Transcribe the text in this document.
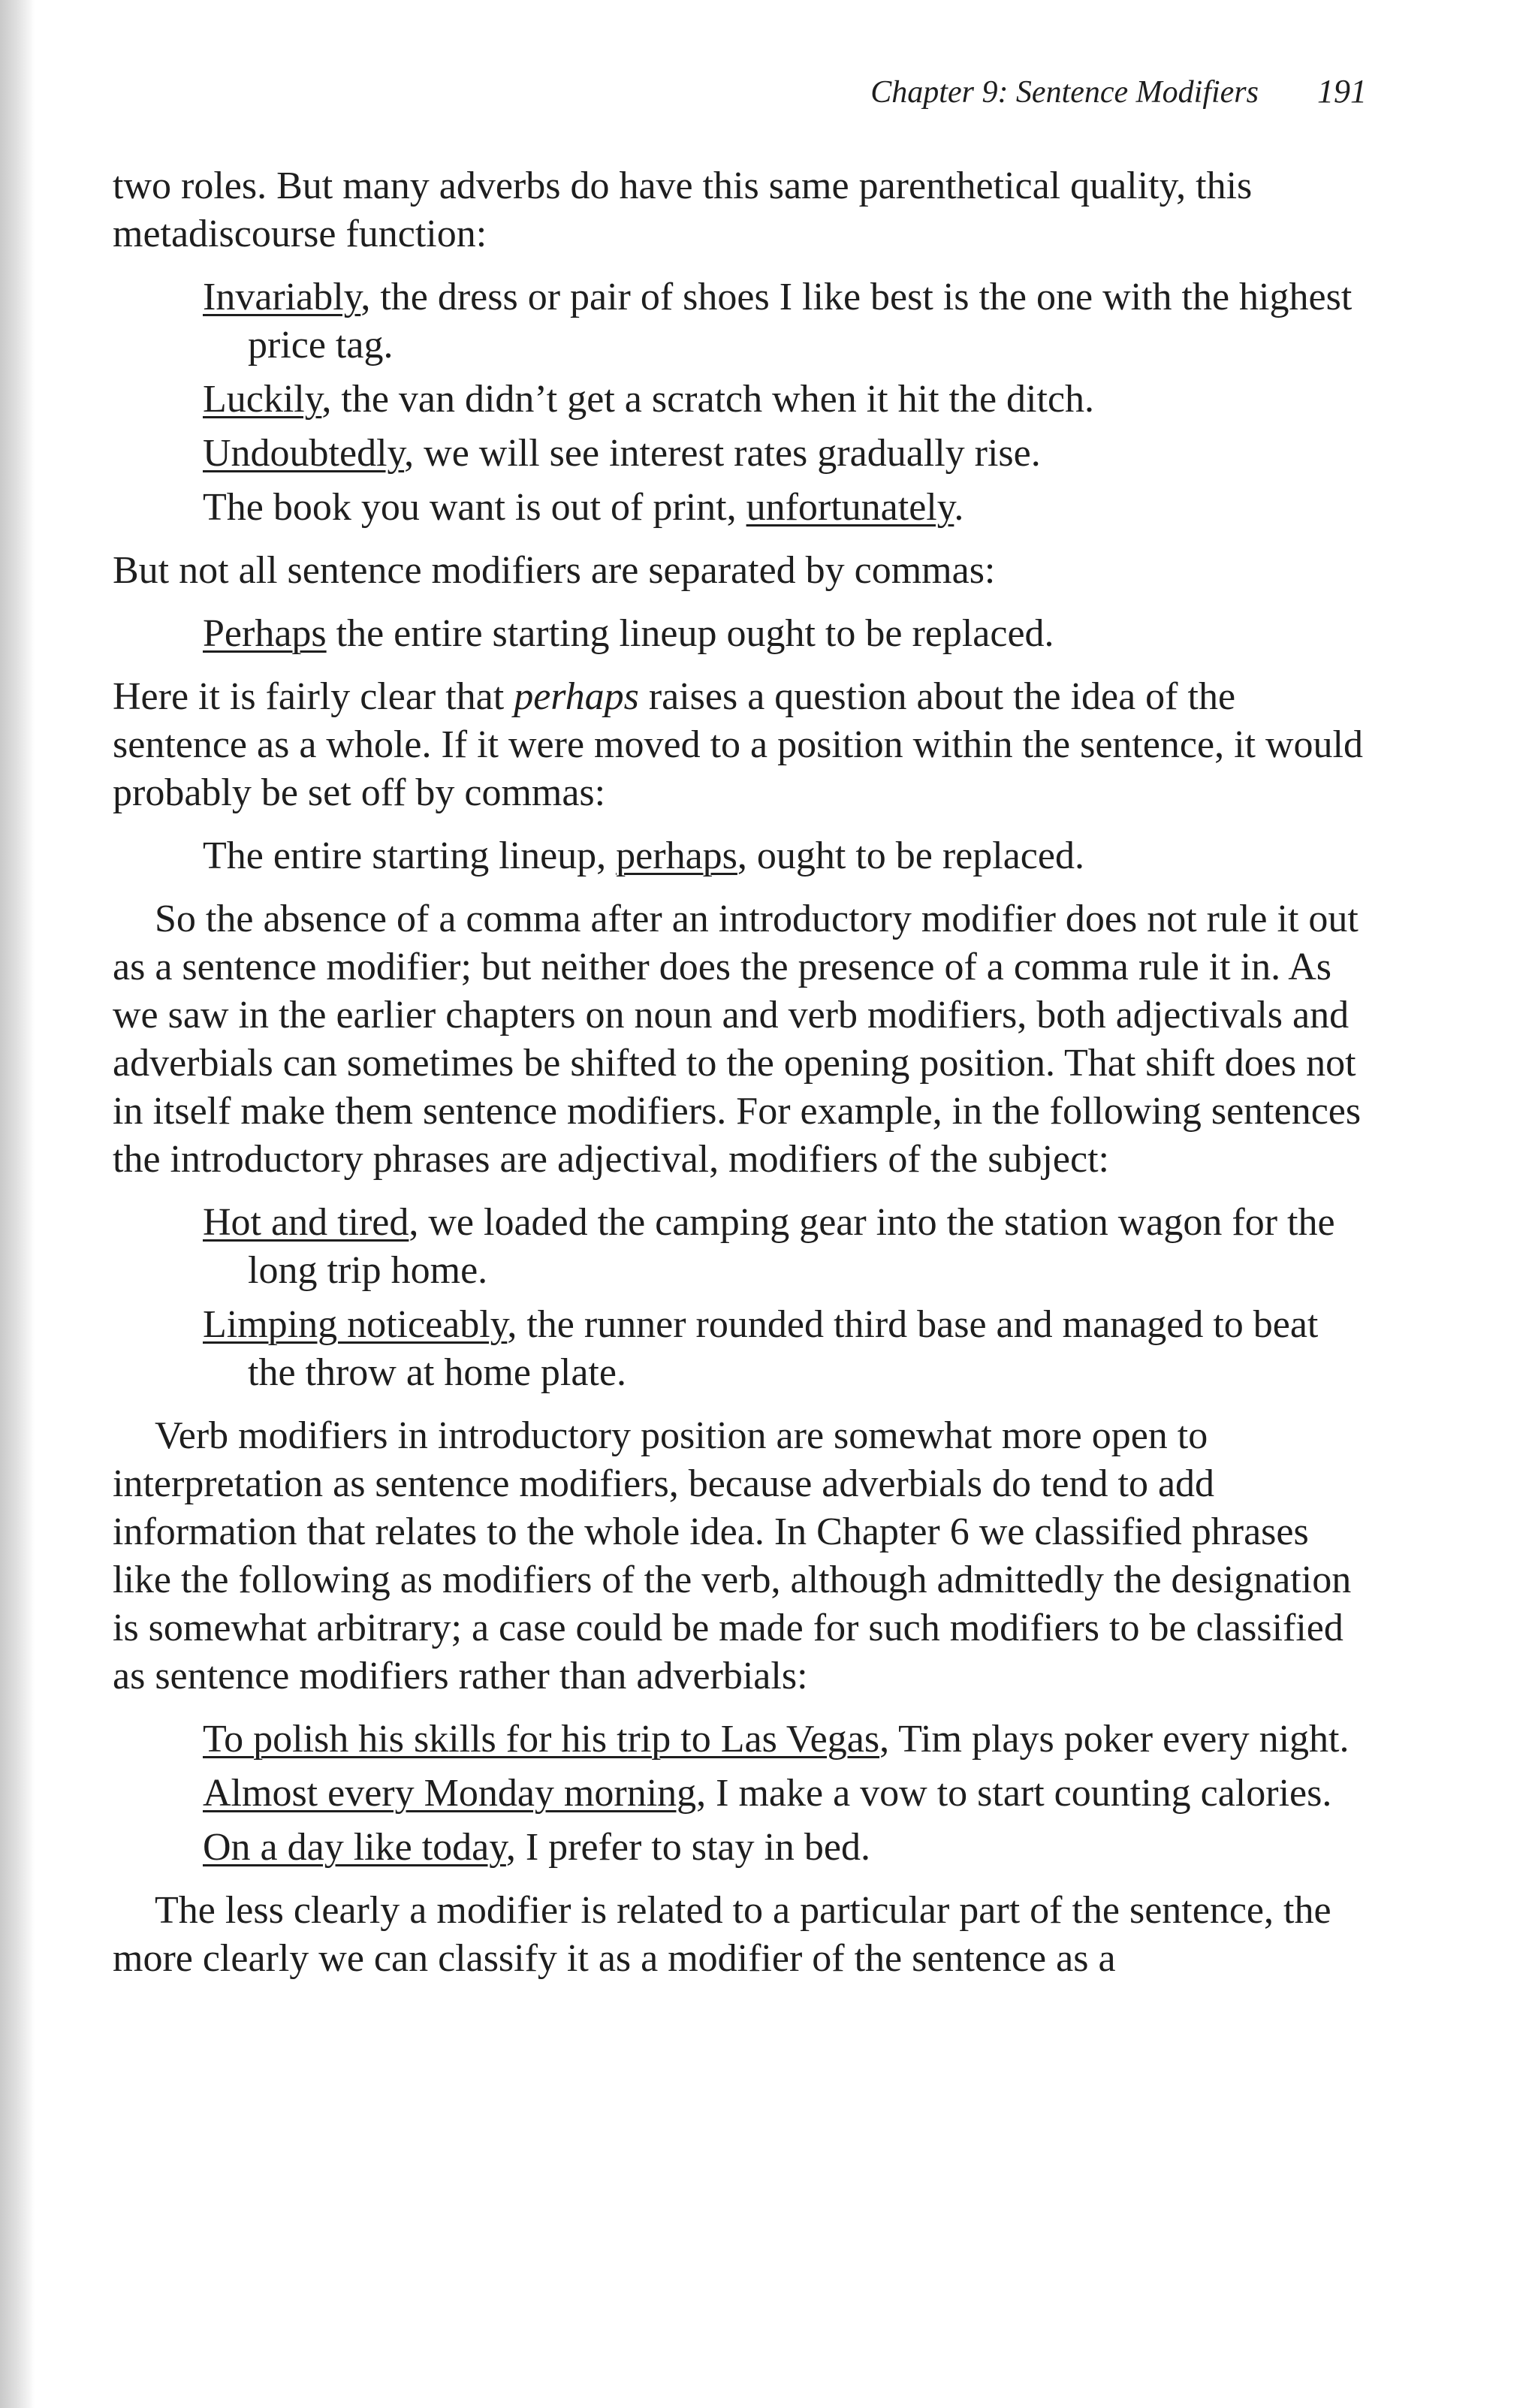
Chapter 9: Sentence Modifiers 191

two roles. But many adverbs do have this same parenthetical quality, this metadiscourse function:

Invariably, the dress or pair of shoes I like best is the one with the highest price tag.
Luckily, the van didn’t get a scratch when it hit the ditch.
Undoubtedly, we will see interest rates gradually rise.
The book you want is out of print, unfortunately.

But not all sentence modifiers are separated by commas:

Perhaps the entire starting lineup ought to be replaced.

Here it is fairly clear that perhaps raises a question about the idea of the sentence as a whole. If it were moved to a position within the sentence, it would probably be set off by commas:

The entire starting lineup, perhaps, ought to be replaced.

So the absence of a comma after an introductory modifier does not rule it out as a sentence modifier; but neither does the presence of a comma rule it in. As we saw in the earlier chapters on noun and verb modifiers, both adjectivals and adverbials can sometimes be shifted to the opening position. That shift does not in itself make them sentence modifiers. For example, in the following sentences the introductory phrases are adjectival, modifiers of the subject:

Hot and tired, we loaded the camping gear into the station wagon for the long trip home.
Limping noticeably, the runner rounded third base and managed to beat the throw at home plate.

Verb modifiers in introductory position are somewhat more open to interpretation as sentence modifiers, because adverbials do tend to add information that relates to the whole idea. In Chapter 6 we classified phrases like the following as modifiers of the verb, although admittedly the designation is somewhat arbitrary; a case could be made for such modifiers to be classified as sentence modifiers rather than adverbials:

To polish his skills for his trip to Las Vegas, Tim plays poker every night.
Almost every Monday morning, I make a vow to start counting calories.
On a day like today, I prefer to stay in bed.

The less clearly a modifier is related to a particular part of the sentence, the more clearly we can classify it as a modifier of the sentence as a
